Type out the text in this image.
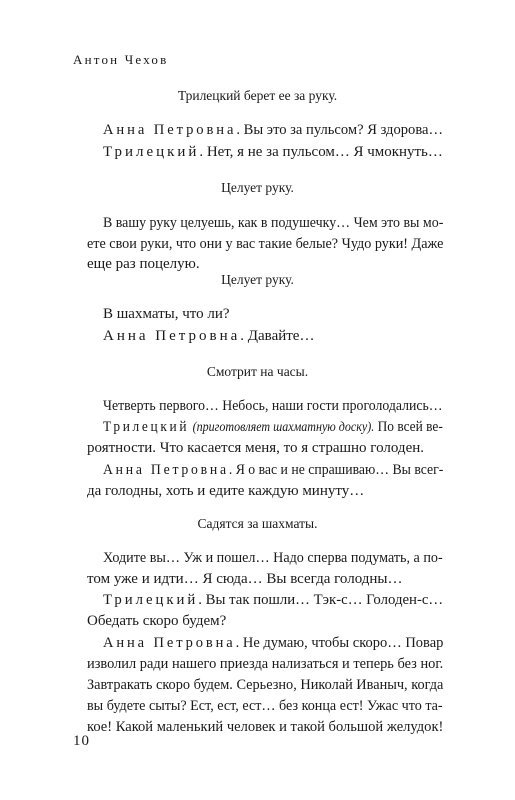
Антон Чехов
Трилецкий берет ее за руку.
Анна Петровна. Вы это за пульсом? Я здорова…
Трилецкий. Нет, я не за пульсом… Я чмокнуть…
Целует руку.
В вашу руку целуешь, как в подушечку… Чем это вы мо-
ете свои руки, что они у вас такие белые? Чудо руки! Даже
еще раз поцелую.
Целует руку.
В шахматы, что ли?
Анна Петровна. Давайте…
Смотрит на часы.
Четверть первого… Небось, наши гости проголодались…
Трилецкий (приготовляет шахматную доску). По всей ве-
роятности. Что касается меня, то я страшно голоден.
Анна Петровна. Я о вас и не спрашиваю… Вы всег-
да голодны, хоть и едите каждую минуту…
Садятся за шахматы.
Ходите вы… Уж и пошел… Надо сперва подумать, а по-
том уже и идти… Я сюда… Вы всегда голодны…
Трилецкий. Вы так пошли… Тэк-с… Голоден-с…
Обедать скоро будем?
Анна Петровна. Не думаю, чтобы скоро… Повар
изволил ради нашего приезда нализаться и теперь без ног.
Завтракать скоро будем. Серьезно, Николай Иваныч, когда
вы будете сыты? Ест, ест, ест… без конца ест! Ужас что та-
кое! Какой маленький человек и такой большой желудок!
10
